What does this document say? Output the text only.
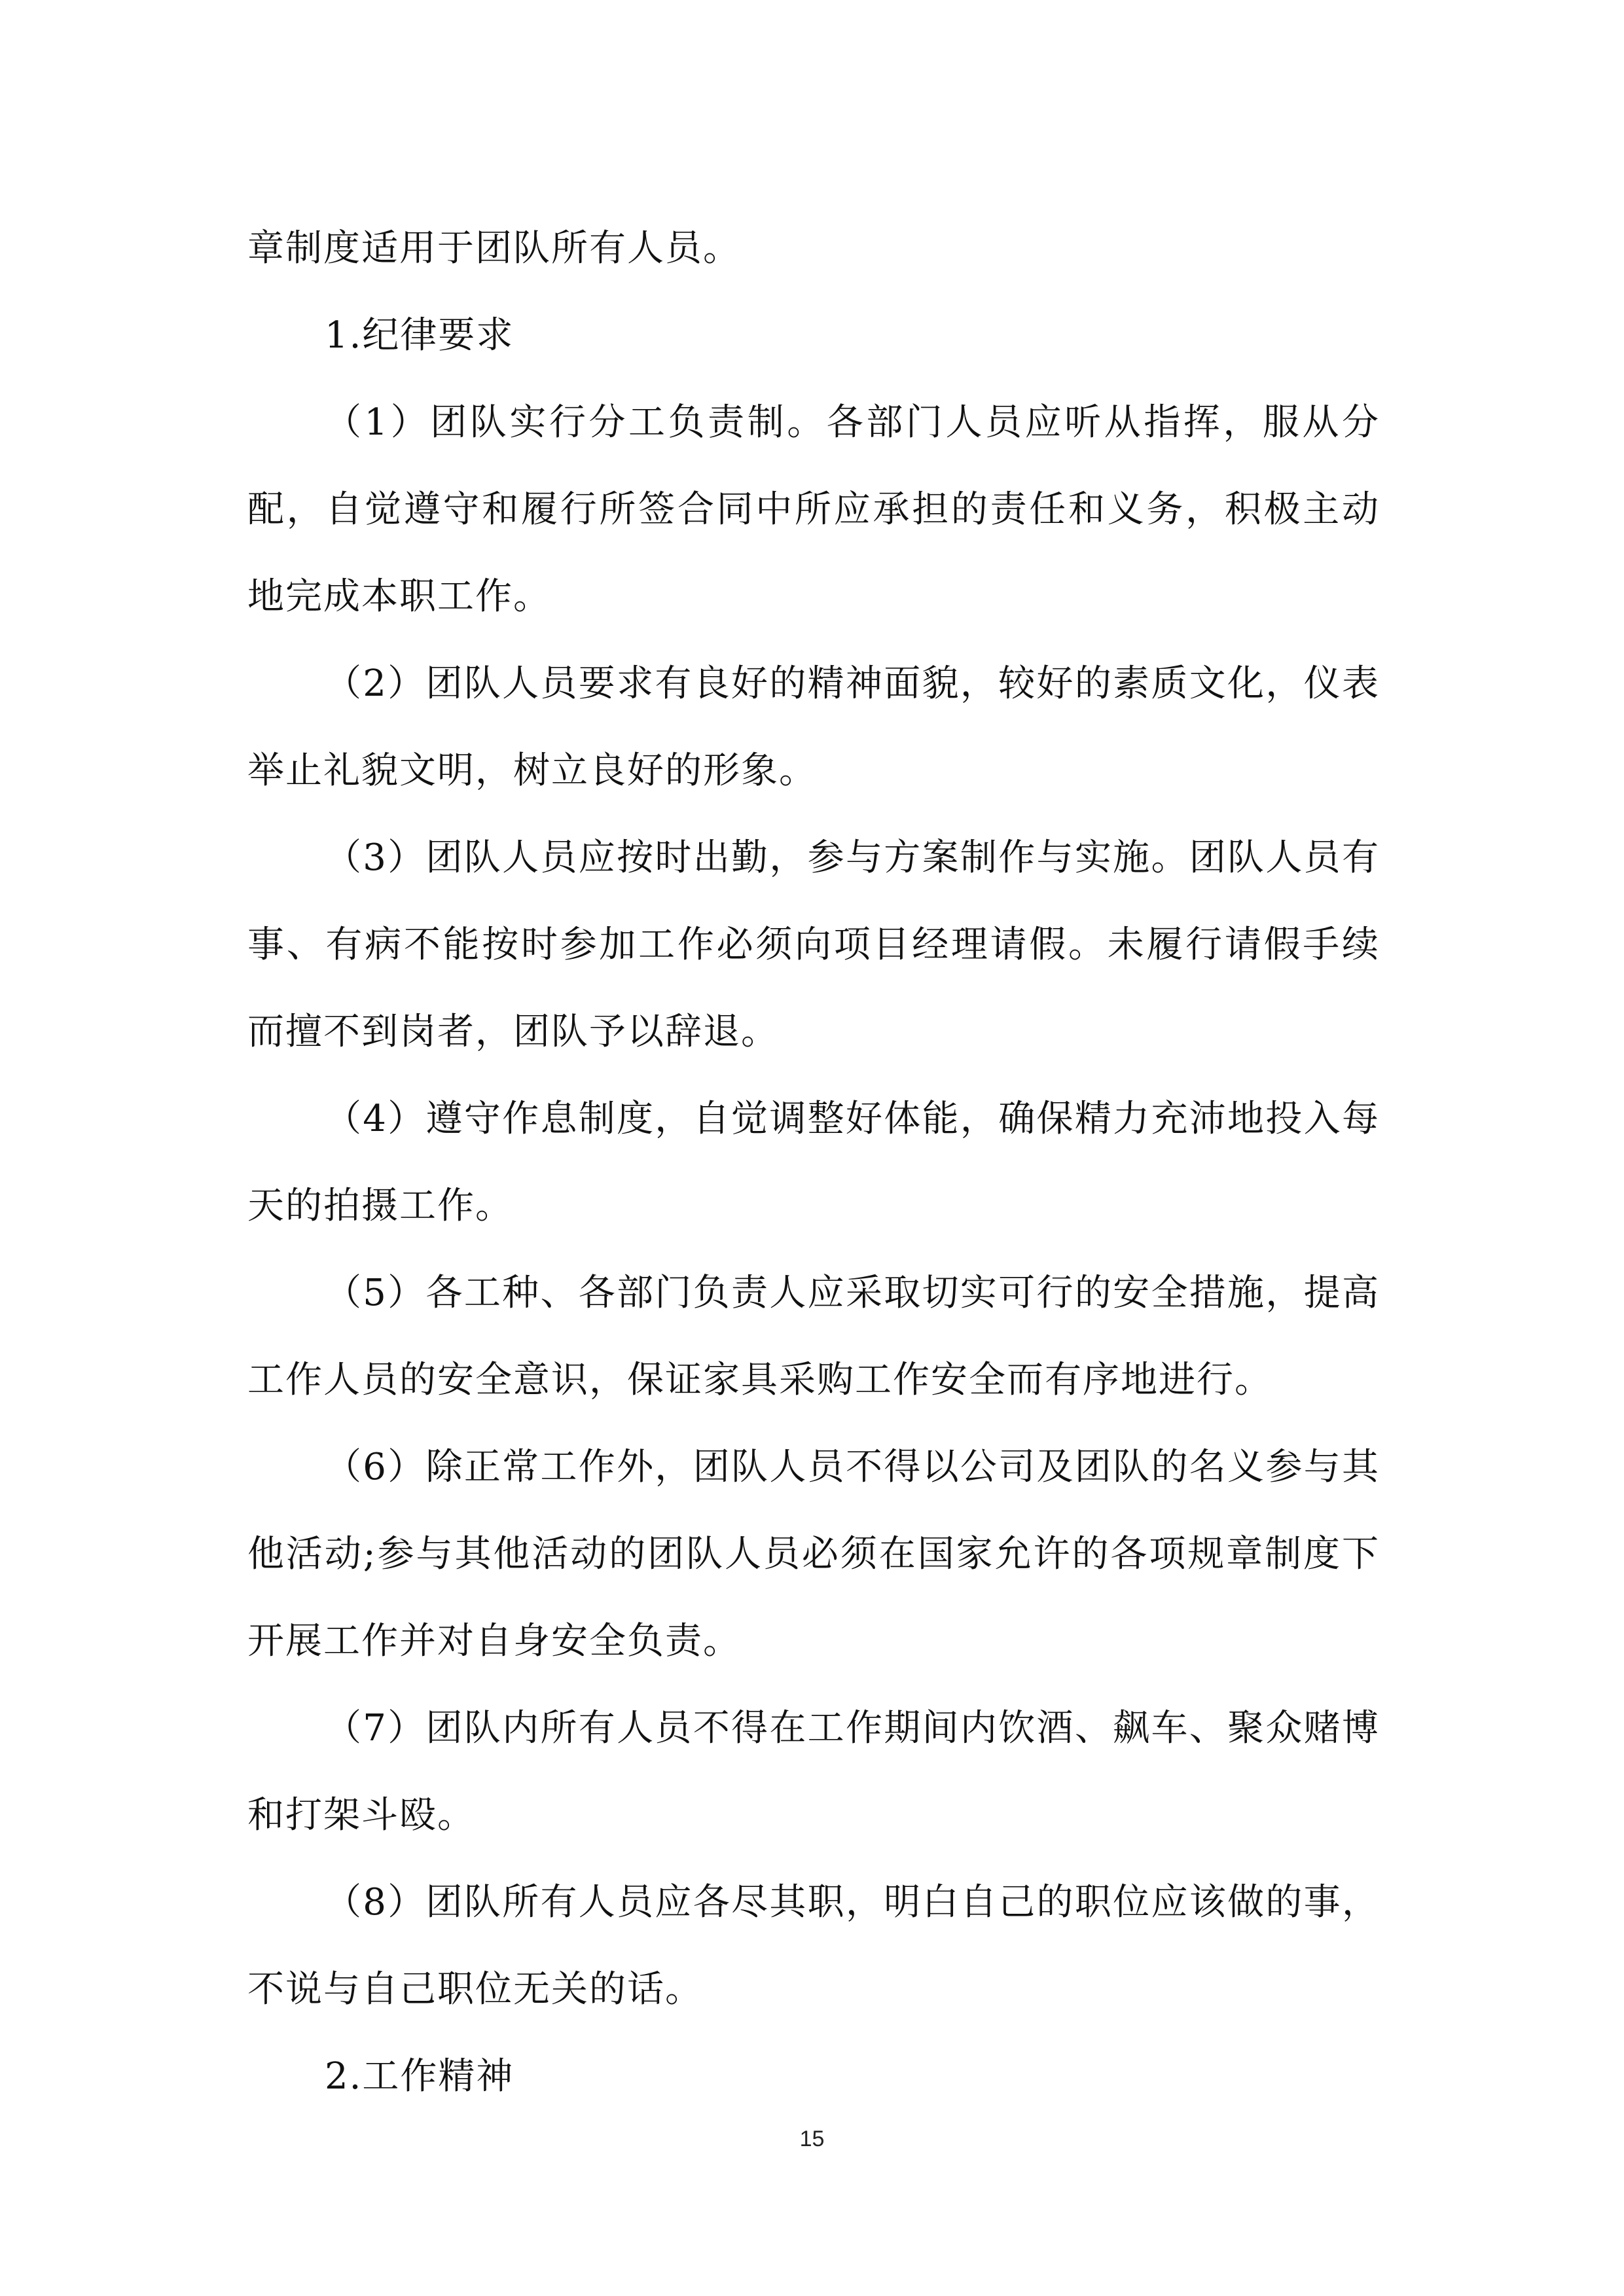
章制度适用于团队所有人员。

1.纪律要求

（1）团队实行分工负责制。各部门人员应听从指挥，服从分配，自觉遵守和履行所签合同中所应承担的责任和义务，积极主动地完成本职工作。

（2）团队人员要求有良好的精神面貌，较好的素质文化，仪表举止礼貌文明，树立良好的形象。

（3）团队人员应按时出勤，参与方案制作与实施。团队人员有事、有病不能按时参加工作必须向项目经理请假。未履行请假手续而擅不到岗者，团队予以辞退。

（4）遵守作息制度，自觉调整好体能，确保精力充沛地投入每天的拍摄工作。

（5）各工种、各部门负责人应采取切实可行的安全措施，提高工作人员的安全意识，保证家具采购工作安全而有序地进行。

（6）除正常工作外，团队人员不得以公司及团队的名义参与其他活动;参与其他活动的团队人员必须在国家允许的各项规章制度下开展工作并对自身安全负责。

（7）团队内所有人员不得在工作期间内饮酒、飙车、聚众赌博和打架斗殴。

（8）团队所有人员应各尽其职，明白自己的职位应该做的事，不说与自己职位无关的话。

2.工作精神

15
